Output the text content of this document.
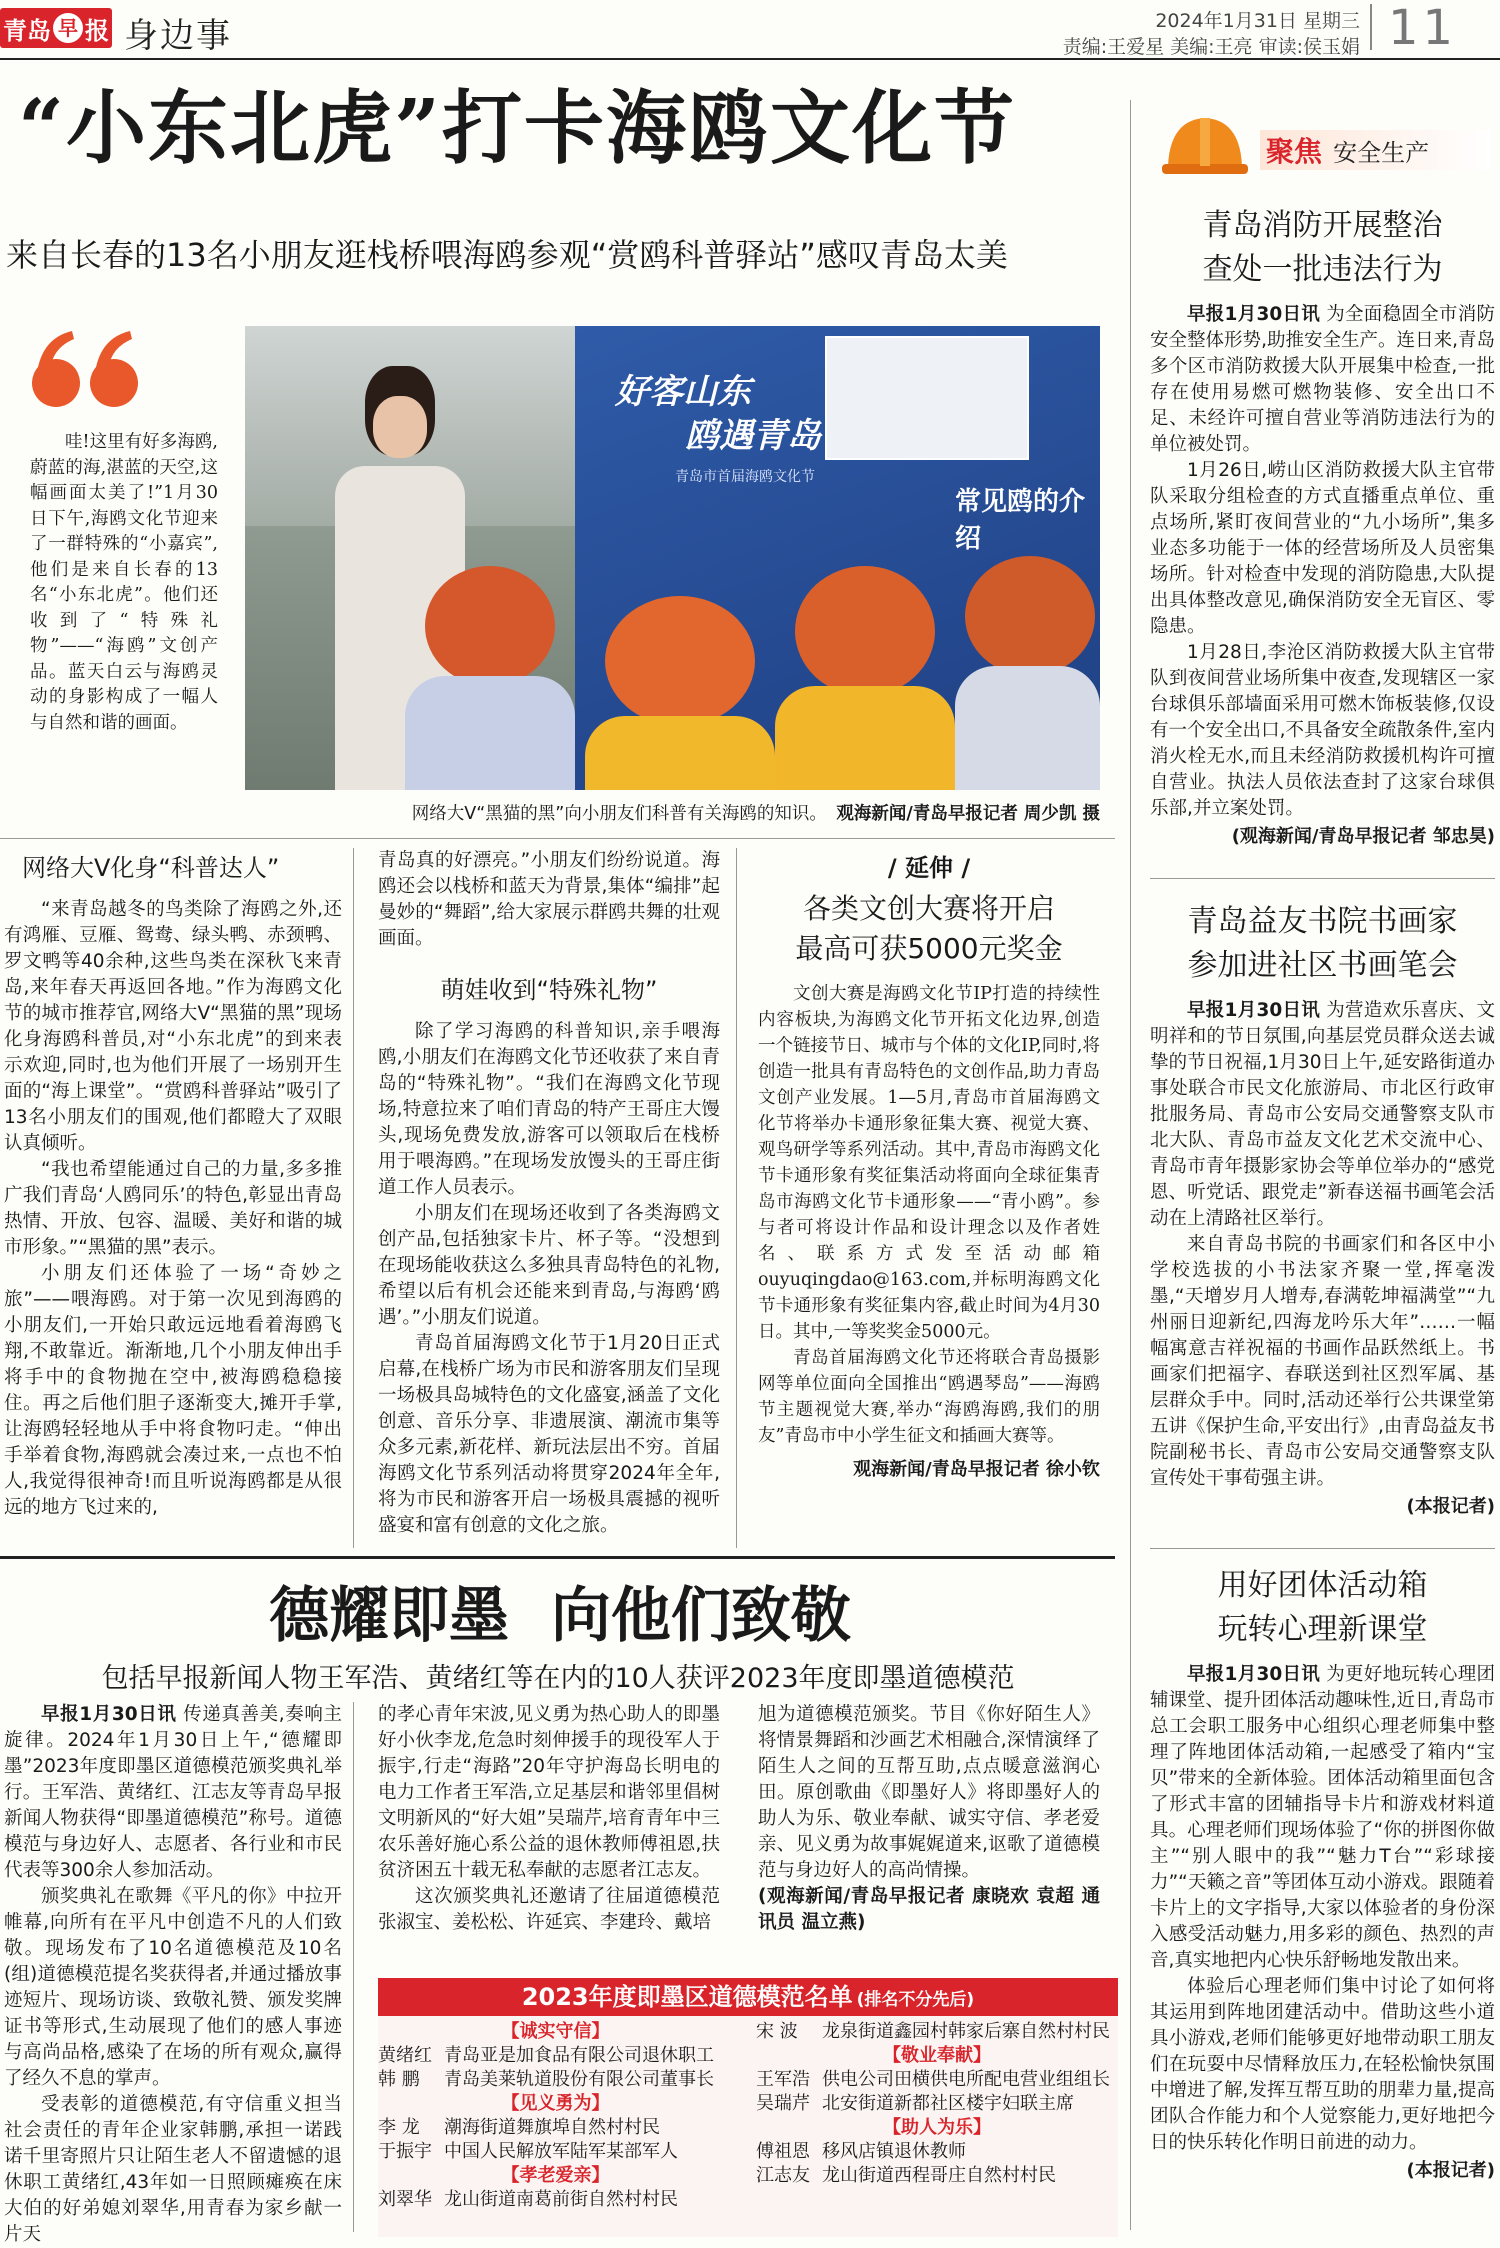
青岛 早 报 身边事	2024年1月31日 星期三
责编:王爱星 美编:王亮 审读:侯玉娟 11
“小东北虎”打卡海鸥文化节
来自长春的13名小朋友逛栈桥喂海鸥参观“赏鸥科普驿站”感叹青岛太美
哇!这里有好多海鸥,蔚蓝的海,湛蓝的天空,这幅画面太美了!”1月30日下午,海鸥文化节迎来了一群特殊的“小嘉宾”,他们是来自长春的13名“小东北虎”。他们还收到了“特殊礼物”——“海鸥”文创产品。蓝天白云与海鸥灵动的身影构成了一幅人与自然和谐的画面。
好客山东
鸥遇青岛
青岛市首届海鸥文化节
常见鸥的介绍
网络大V“黑猫的黑”向小朋友们科普有关海鸥的知识。 观海新闻/青岛早报记者 周少凯 摄
网络大V化身“科普达人”

“来青岛越冬的鸟类除了海鸥之外,还有鸿雁、豆雁、鸳鸯、绿头鸭、赤颈鸭、罗文鸭等40余种,这些鸟类在深秋飞来青岛,来年春天再返回各地。”作为海鸥文化节的城市推荐官,网络大V“黑猫的黑”现场化身海鸥科普员,对“小东北虎”的到来表示欢迎,同时,也为他们开展了一场别开生面的“海上课堂”。“赏鸥科普驿站”吸引了13名小朋友们的围观,他们都瞪大了双眼认真倾听。

“我也希望能通过自己的力量,多多推广我们青岛‘人鸥同乐’的特色,彰显出青岛热情、开放、包容、温暖、美好和谐的城市形象。”“黑猫的黑”表示。

小朋友们还体验了一场“奇妙之旅”——喂海鸥。对于第一次见到海鸥的小朋友们,一开始只敢远远地看着海鸥飞翔,不敢靠近。渐渐地,几个小朋友伸出手将手中的食物抛在空中,被海鸥稳稳接住。再之后他们胆子逐渐变大,摊开手掌,让海鸥轻轻地从手中将食物叼走。“伸出手举着食物,海鸥就会凑过来,一点也不怕人,我觉得很神奇!而且听说海鸥都是从很远的地方飞过来的,

青岛真的好漂亮。”小朋友们纷纷说道。海鸥还会以栈桥和蓝天为背景,集体“编排”起曼妙的“舞蹈”,给大家展示群鸥共舞的壮观画面。

萌娃收到“特殊礼物”

除了学习海鸥的科普知识,亲手喂海鸥,小朋友们在海鸥文化节还收获了来自青岛的“特殊礼物”。“我们在海鸥文化节现场,特意拉来了咱们青岛的特产王哥庄大馒头,现场免费发放,游客可以领取后在栈桥用于喂海鸥。”在现场发放馒头的王哥庄街道工作人员表示。

小朋友们在现场还收到了各类海鸥文创产品,包括独家卡片、杯子等。“没想到在现场能收获这么多独具青岛特色的礼物,希望以后有机会还能来到青岛,与海鸥‘鸥遇’。”小朋友们说道。

青岛首届海鸥文化节于1月20日正式启幕,在栈桥广场为市民和游客朋友们呈现一场极具岛城特色的文化盛宴,涵盖了文化创意、音乐分享、非遗展演、潮流市集等众多元素,新花样、新玩法层出不穷。首届海鸥文化节系列活动将贯穿2024年全年,将为市民和游客开启一场极具震撼的视听盛宴和富有创意的文化之旅。

/ 延伸 /
各类文创大赛将开启
最高可获5000元奖金

文创大赛是海鸥文化节IP打造的持续性内容板块,为海鸥文化节开拓文化边界,创造一个链接节日、城市与个体的文化IP,同时,将创造一批具有青岛特色的文创作品,助力青岛文创产业发展。1—5月,青岛市首届海鸥文化节将举办卡通形象征集大赛、视觉大赛、观鸟研学等系列活动。其中,青岛市海鸥文化节卡通形象有奖征集活动将面向全球征集青岛市海鸥文化节卡通形象——“青小鸥”。参与者可将设计作品和设计理念以及作者姓名、联系方式发至活动邮箱ouyuqingdao@163.com,并标明海鸥文化节卡通形象有奖征集内容,截止时间为4月30日。其中,一等奖奖金5000元。

青岛首届海鸥文化节还将联合青岛摄影网等单位面向全国推出“鸥遇琴岛”——海鸥节主题视觉大赛,举办“海鸥海鸥,我们的朋友”青岛市中小学生征文和插画大赛等。

观海新闻/青岛早报记者 徐小钦
德耀即墨  向他们致敬
包括早报新闻人物王军浩、黄绪红等在内的10人获评2023年度即墨道德模范

早报1月30日讯 传递真善美,奏响主旋律。2024年1月30日上午,“德耀即墨”2023年度即墨区道德模范颁奖典礼举行。王军浩、黄绪红、江志友等青岛早报新闻人物获得“即墨道德模范”称号。道德模范与身边好人、志愿者、各行业和市民代表等300余人参加活动。

颁奖典礼在歌舞《平凡的你》中拉开帷幕,向所有在平凡中创造不凡的人们致敬。现场发布了10名道德模范及10名(组)道德模范提名奖获得者,并通过播放事迹短片、现场访谈、致敬礼赞、颁发奖牌证书等形式,生动展现了他们的感人事迹与高尚品格,感染了在场的所有观众,赢得了经久不息的掌声。

受表彰的道德模范,有守信重义担当社会责任的青年企业家韩鹏,承担一诺践诺千里寄照片只让陌生老人不留遗憾的退休职工黄绪红,43年如一日照顾瘫痪在床大伯的好弟媳刘翠华,用青春为家乡献一片天

的孝心青年宋波,见义勇为热心助人的即墨好小伙李龙,危急时刻伸援手的现役军人于振宇,行走“海路”20年守护海岛长明电的电力工作者王军浩,立足基层和谐邻里倡树文明新风的“好大姐”吴瑞芹,培育青年中三农乐善好施心系公益的退休教师傅祖恩,扶贫济困五十载无私奉献的志愿者江志友。

这次颁奖典礼还邀请了往届道德模范张淑宝、姜松松、许延宾、李建玲、戴培

旭为道德模范颁奖。节目《你好陌生人》将情景舞蹈和沙画艺术相融合,深情演绎了陌生人之间的互帮互助,点点暖意滋润心田。原创歌曲《即墨好人》将即墨好人的助人为乐、敬业奉献、诚实守信、孝老爱亲、见义勇为故事娓娓道来,讴歌了道德模范与身边好人的高尚情操。

(观海新闻/青岛早报记者 康晓欢 袁超 通讯员 温立燕)

2023年度即墨区道德模范名单 (排名不分先后)
【诚实守信】
黄绪红 青岛亚是加食品有限公司退休职工
韩 鹏 青岛美莱轨道股份有限公司董事长
【见义勇为】
李 龙 潮海街道舞旗埠自然村村民
于振宇 中国人民解放军陆军某部军人
【孝老爱亲】
刘翠华 龙山街道南葛前街自然村村民
宋 波 龙泉街道鑫园村韩家后寨自然村村民
【敬业奉献】
王军浩 供电公司田横供电所配电营业组组长
吴瑞芹 北安街道新都社区楼宇妇联主席
【助人为乐】
傅祖恩 移风店镇退休教师
江志友 龙山街道西程哥庄自然村村民
聚焦 安全生产
青岛消防开展整治
查处一批违法行为

早报1月30日讯 为全面稳固全市消防安全整体形势,助推安全生产。连日来,青岛多个区市消防救援大队开展集中检查,一批存在使用易燃可燃物装修、安全出口不足、未经许可擅自营业等消防违法行为的单位被处罚。

1月26日,崂山区消防救援大队主官带队采取分组检查的方式直播重点单位、重点场所,紧盯夜间营业的“九小场所”,集多业态多功能于一体的经营场所及人员密集场所。针对检查中发现的消防隐患,大队提出具体整改意见,确保消防安全无盲区、零隐患。

1月28日,李沧区消防救援大队主官带队到夜间营业场所集中夜查,发现辖区一家台球俱乐部墙面采用可燃木饰板装修,仅设有一个安全出口,不具备安全疏散条件,室内消火栓无水,而且未经消防救援机构许可擅自营业。执法人员依法查封了这家台球俱乐部,并立案处罚。

(观海新闻/青岛早报记者 邹忠昊)
青岛益友书院书画家
参加进社区书画笔会

早报1月30日讯 为营造欢乐喜庆、文明祥和的节日氛围,向基层党员群众送去诚挚的节日祝福,1月30日上午,延安路街道办事处联合市民文化旅游局、市北区行政审批服务局、青岛市公安局交通警察支队市北大队、青岛市益友文化艺术交流中心、青岛市青年摄影家协会等单位举办的“感党恩、听党话、跟党走”新春送福书画笔会活动在上清路社区举行。

来自青岛书院的书画家们和各区中小学校选拔的小书法家齐聚一堂,挥毫泼墨,“天增岁月人增寿,春满乾坤福满堂”“九州丽日迎新纪,四海龙吟乐大年”……一幅幅寓意吉祥祝福的书画作品跃然纸上。书画家们把福字、春联送到社区烈军属、基层群众手中。同时,活动还举行公共课堂第五讲《保护生命,平安出行》,由青岛益友书院副秘书长、青岛市公安局交通警察支队宣传处干事荀强主讲。

(本报记者)
用好团体活动箱
玩转心理新课堂

早报1月30日讯 为更好地玩转心理团辅课堂、提升团体活动趣味性,近日,青岛市总工会职工服务中心组织心理老师集中整理了阵地团体活动箱,一起感受了箱内“宝贝”带来的全新体验。团体活动箱里面包含了形式丰富的团辅指导卡片和游戏材料道具。心理老师们现场体验了“你的拼图你做主”“别人眼中的我”“魅力T台”“彩球接力”“天籁之音”等团体互动小游戏。跟随着卡片上的文字指导,大家以体验者的身份深入感受活动魅力,用多彩的颜色、热烈的声音,真实地把内心快乐舒畅地发散出来。

体验后心理老师们集中讨论了如何将其运用到阵地团建活动中。借助这些小道具小游戏,老师们能够更好地带动职工朋友们在玩耍中尽情释放压力,在轻松愉快氛围中增进了解,发挥互帮互助的朋辈力量,提高团队合作能力和个人觉察能力,更好地把今日的快乐转化作明日前进的动力。

(本报记者)
